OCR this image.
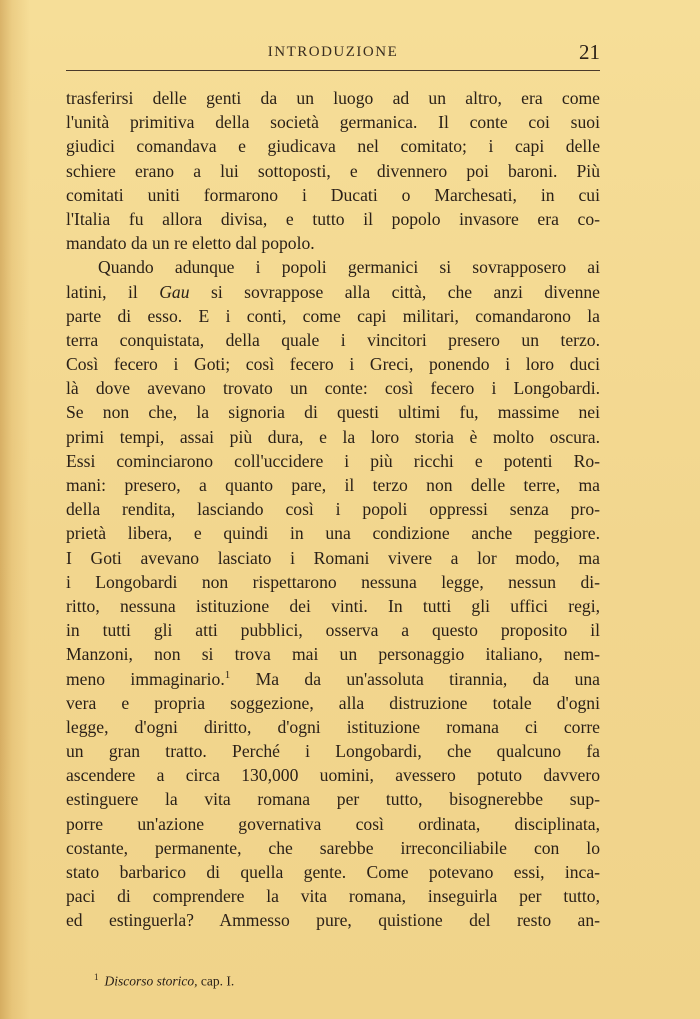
INTRODUZIONE	21
trasferirsi delle genti da un luogo ad un altro, era come
l'unità primitiva della società germanica. Il conte coi suoi
giudici comandava e giudicava nel comitato; i capi delle
schiere erano a lui sottoposti, e divennero poi baroni. Più
comitati uniti formarono i Ducati o Marchesati, in cui
l'Italia fu allora divisa, e tutto il popolo invasore era co-
mandato da un re eletto dal popolo.
Quando adunque i popoli germanici si sovrapposero ai
latini, il Gau si sovrappose alla città, che anzi divenne
parte di esso. E i conti, come capi militari, comandarono la
terra conquistata, della quale i vincitori presero un terzo.
Così fecero i Goti; così fecero i Greci, ponendo i loro duci
là dove avevano trovato un conte: così fecero i Longobardi.
Se non che, la signoria di questi ultimi fu, massime nei
primi tempi, assai più dura, e la loro storia è molto oscura.
Essi cominciarono coll'uccidere i più ricchi e potenti Ro-
mani: presero, a quanto pare, il terzo non delle terre, ma
della rendita, lasciando così i popoli oppressi senza pro-
prietà libera, e quindi in una condizione anche peggiore.
I Goti avevano lasciato i Romani vivere a lor modo, ma
i Longobardi non rispettarono nessuna legge, nessun di-
ritto, nessuna istituzione dei vinti. In tutti gli uffici regi,
in tutti gli atti pubblici, osserva a questo proposito il
Manzoni, non si trova mai un personaggio italiano, nem-
meno immaginario.$^1$ Ma da un'assoluta tirannia, da una
vera e propria soggezione, alla distruzione totale d'ogni
legge, d'ogni diritto, d'ogni istituzione romana ci corre
un gran tratto. Perché i Longobardi, che qualcuno fa
ascendere a circa 130,000 uomini, avessero potuto davvero
estinguere la vita romana per tutto, bisognerebbe sup-
porre un'azione governativa così ordinata, disciplinata,
costante, permanente, che sarebbe irreconciliabile con lo
stato barbarico di quella gente. Come potevano essi, inca-
paci di comprendere la vita romana, inseguirla per tutto,
ed estinguerla? Ammesso pure, quistione del resto an-
$^1$ Discorso storico, cap. I.
